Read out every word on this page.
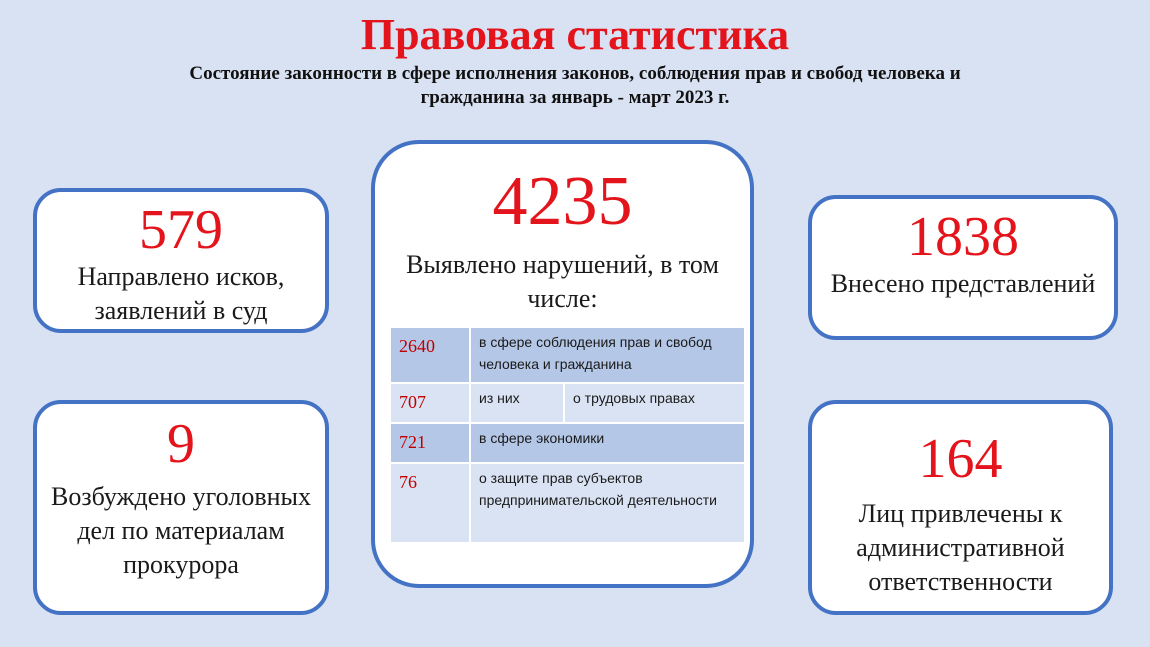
Правовая статистика
Состояние законности в сфере исполнения законов, соблюдения прав и свобод человека и гражданина за январь - март 2023 г.
579
Направлено исков, заявлений в суд
9
Возбуждено уголовных дел по материалам прокурора
4235
Выявлено нарушений, в том числе:
2640	в сфере соблюдения прав и свобод человека и гражданина	
707	из них	о трудовых правах
721	в сфере экономики	
76	о защите прав субъектов предпринимательской деятельности	
1838
Внесено представлений
164
Лиц привлечены к административной ответственности
